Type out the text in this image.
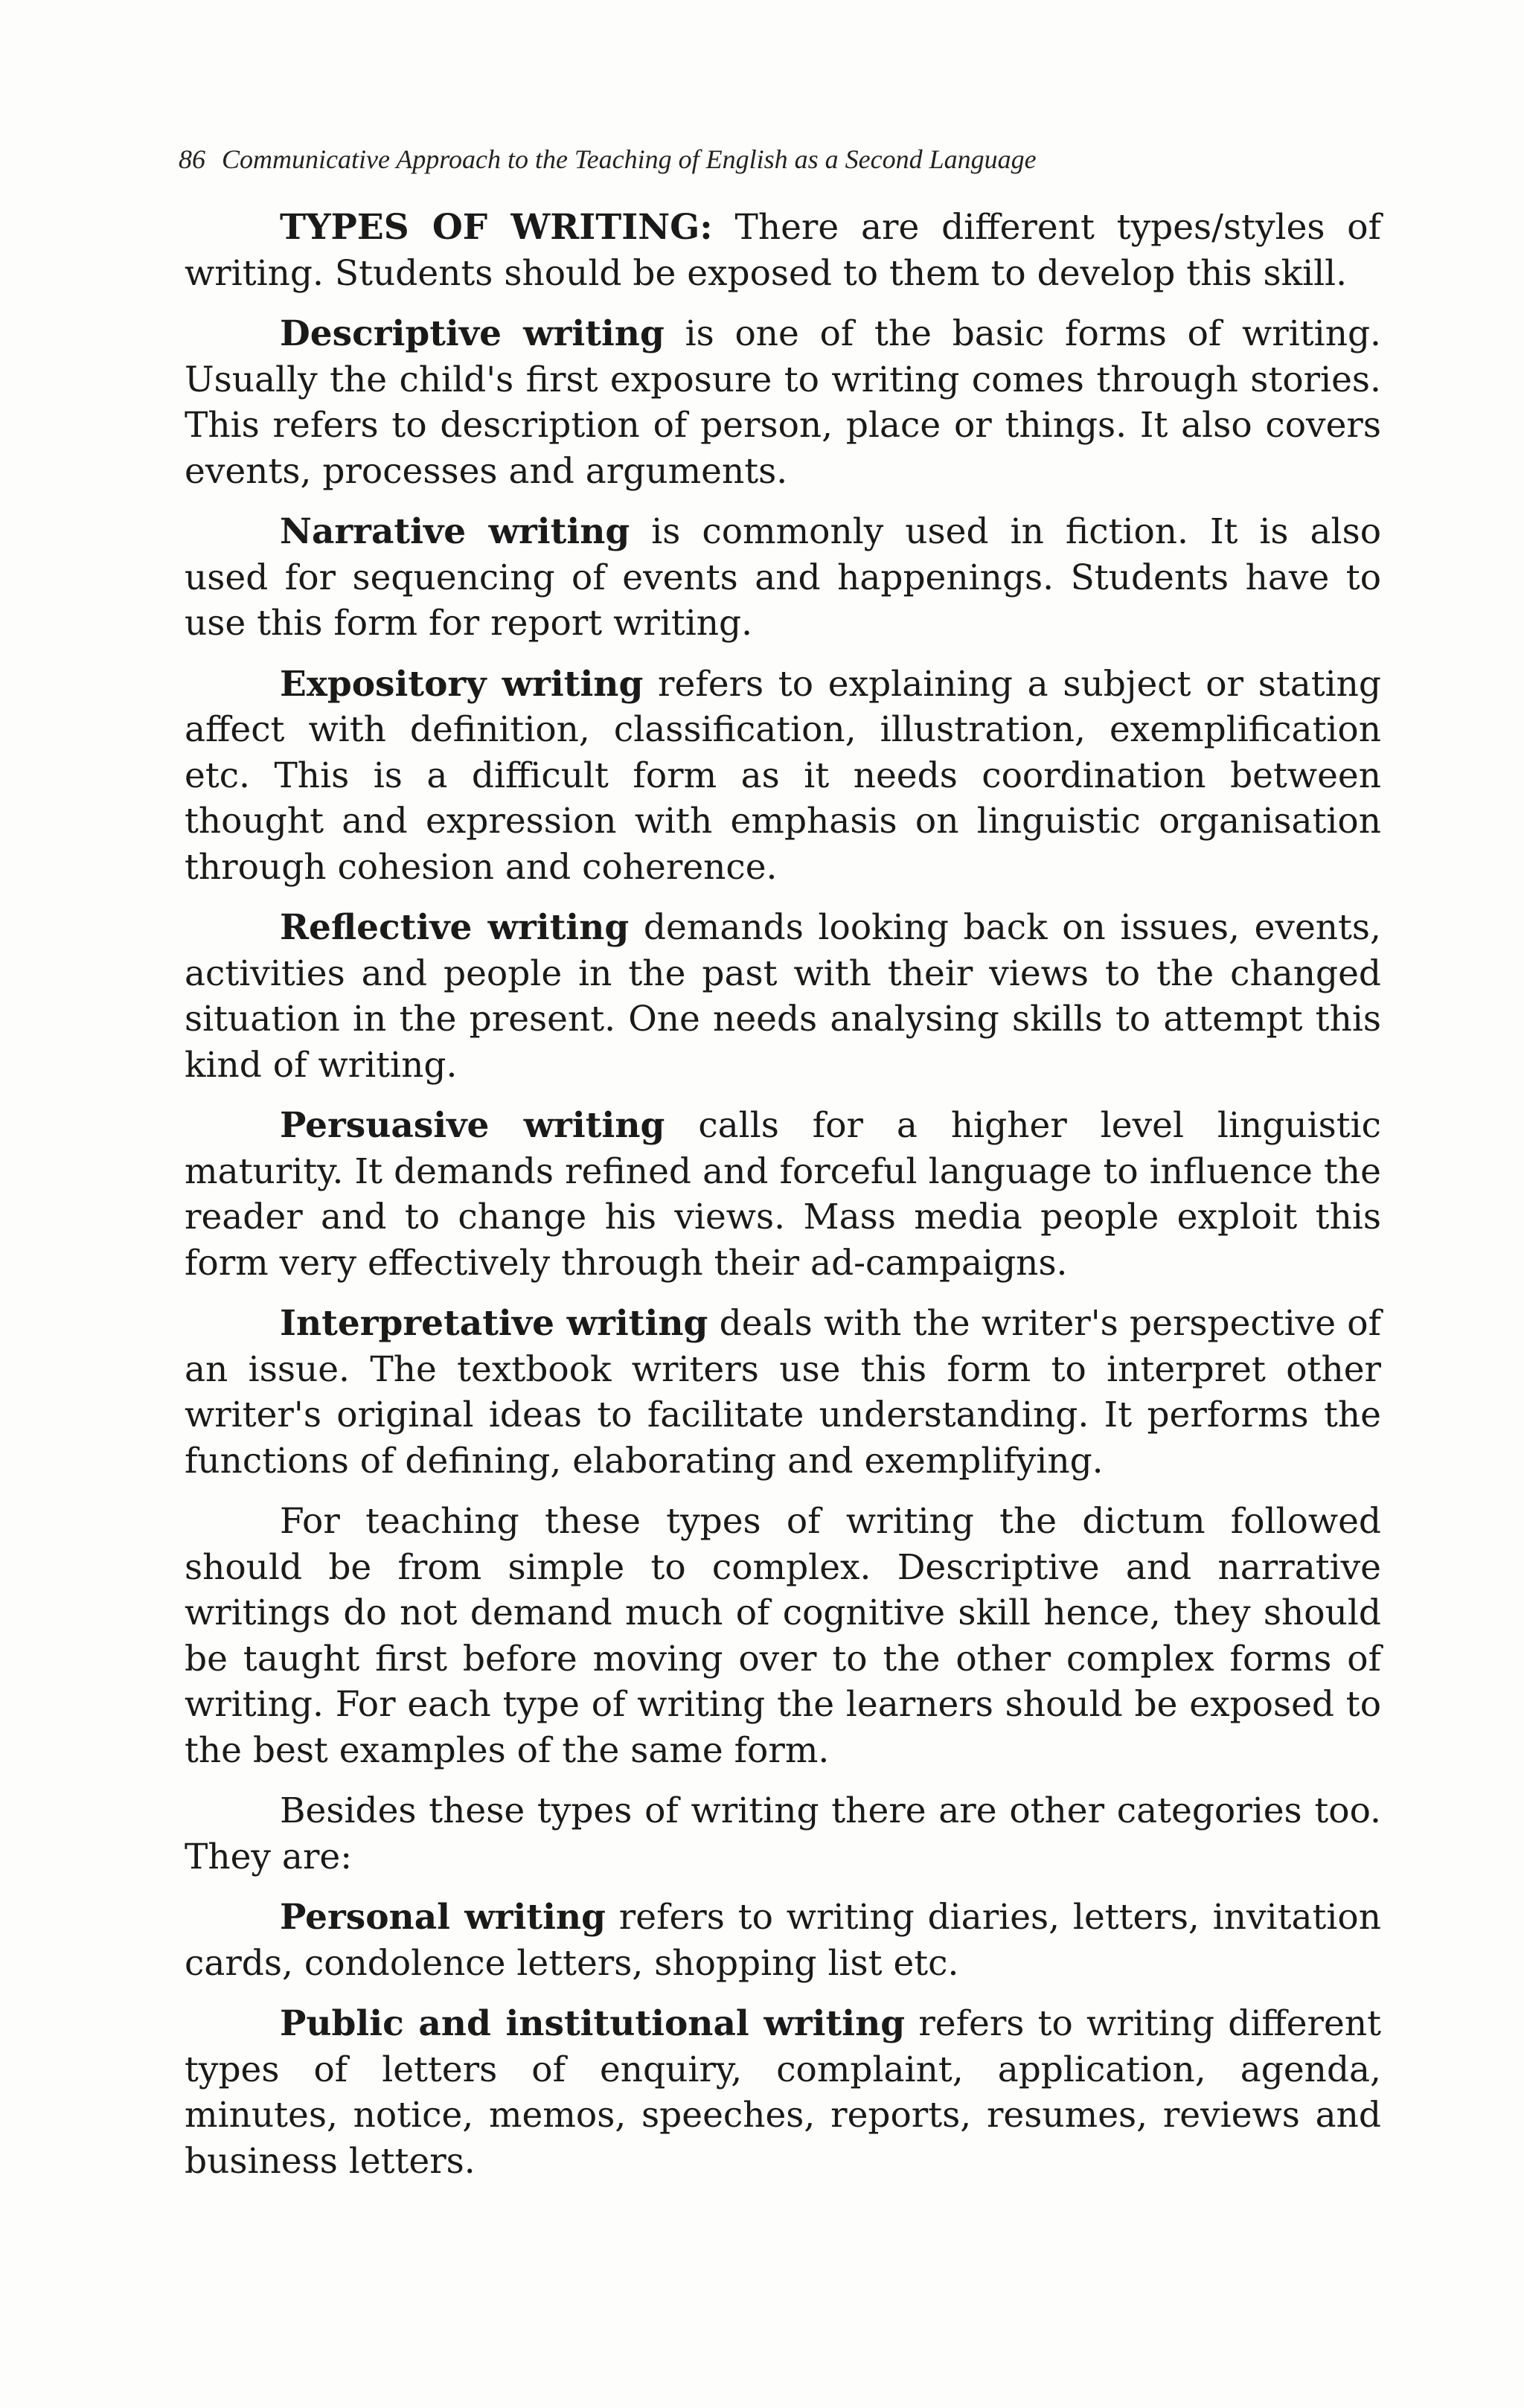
86 Communicative Approach to the Teaching of English as a Second Language

TYPES OF WRITING: There are different types/styles of writing. Students should be exposed to them to develop this skill.

Descriptive writing is one of the basic forms of writing. Usually the child's first exposure to writing comes through stories. This refers to description of person, place or things. It also covers events, processes and arguments.

Narrative writing is commonly used in fiction. It is also used for sequencing of events and happenings. Students have to use this form for report writing.

Expository writing refers to explaining a subject or stating affect with definition, classification, illustration, exemplification etc. This is a difficult form as it needs coordination between thought and expression with emphasis on linguistic organisation through cohesion and coherence.

Reflective writing demands looking back on issues, events, activities and people in the past with their views to the changed situation in the present. One needs analysing skills to attempt this kind of writing.

Persuasive writing calls for a higher level linguistic maturity. It demands refined and forceful language to influence the reader and to change his views. Mass media people exploit this form very effectively through their ad-campaigns.

Interpretative writing deals with the writer's perspective of an issue. The textbook writers use this form to interpret other writer's original ideas to facilitate understanding. It performs the functions of defining, elaborating and exemplifying.

For teaching these types of writing the dictum followed should be from simple to complex. Descriptive and narrative writings do not demand much of cognitive skill hence, they should be taught first before moving over to the other complex forms of writing. For each type of writing the learners should be exposed to the best examples of the same form.

Besides these types of writing there are other categories too. They are:

Personal writing refers to writing diaries, letters, invitation cards, condolence letters, shopping list etc.

Public and institutional writing refers to writing different types of letters of enquiry, complaint, application, agenda, minutes, notice, memos, speeches, reports, resumes, reviews and business letters.
